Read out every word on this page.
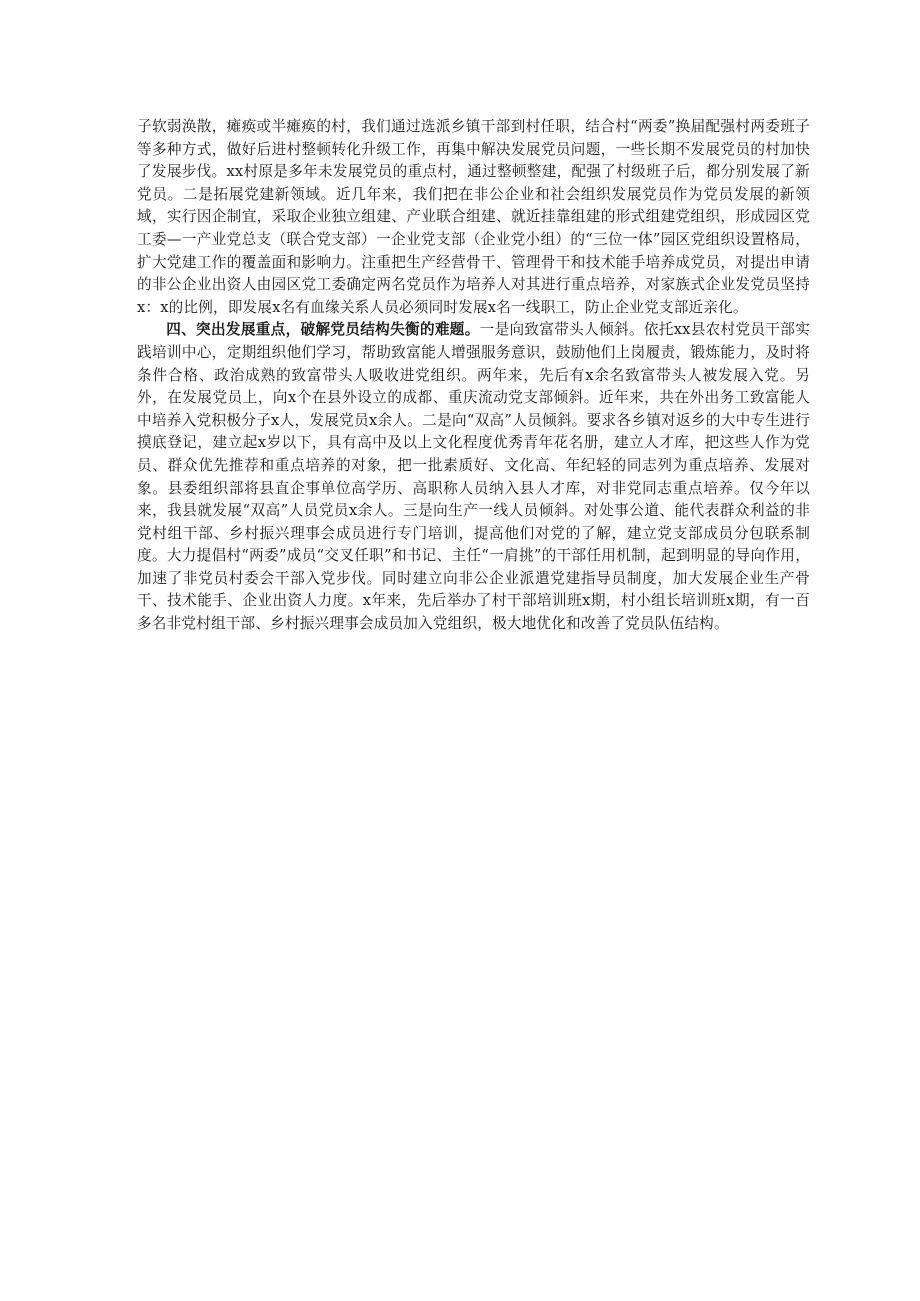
子软弱涣散，瘫痪或半瘫痪的村，我们通过选派乡镇干部到村任职，结合村“两委”换届配强村两委班子等多种方式，做好后进村整顿转化升级工作，再集中解决发展党员问题，一些长期不发展党员的村加快了发展步伐。xx村原是多年未发展党员的重点村，通过整顿整建，配强了村级班子后，都分别发展了新党员。二是拓展党建新领域。近几年来，我们把在非公企业和社会组织发展党员作为党员发展的新领域，实行因企制宜，采取企业独立组建、产业联合组建、就近挂靠组建的形式组建党组织，形成园区党工委—一产业党总支（联合党支部）一企业党支部（企业党小组）的“三位一体”园区党组织设置格局，扩大党建工作的覆盖面和影响力。注重把生产经营骨干、管理骨干和技术能手培养成党员，对提出申请的非公企业出资人由园区党工委确定两名党员作为培养人对其进行重点培养，对家族式企业发党员坚持x：x的比例，即发展x名有血缘关系人员必须同时发展x名一线职工，防止企业党支部近亲化。

四、突出发展重点，破解党员结构失衡的难题。一是向致富带头人倾斜。依托xx县农村党员干部实践培训中心，定期组织他们学习，帮助致富能人增强服务意识，鼓励他们上岗履责，锻炼能力，及时将条件合格、政治成熟的致富带头人吸收进党组织。两年来，先后有x余名致富带头人被发展入党。另外，在发展党员上，向x个在县外设立的成都、重庆流动党支部倾斜。近年来，共在外出务工致富能人中培养入党积极分子x人，发展党员x余人。二是向“双高”人员倾斜。要求各乡镇对返乡的大中专生进行摸底登记，建立起x岁以下，具有高中及以上文化程度优秀青年花名册，建立人才库，把这些人作为党员、群众优先推荐和重点培养的对象，把一批素质好、文化高、年纪轻的同志列为重点培养、发展对象。县委组织部将县直企事单位高学历、高职称人员纳入县人才库，对非党同志重点培养。仅今年以来，我县就发展“双高”人员党员x余人。三是向生产一线人员倾斜。对处事公道、能代表群众利益的非党村组干部、乡村振兴理事会成员进行专门培训，提高他们对党的了解，建立党支部成员分包联系制度。大力提倡村“两委”成员“交叉任职”和书记、主任“一肩挑”的干部任用机制，起到明显的导向作用，加速了非党员村委会干部入党步伐。同时建立向非公企业派遣党建指导员制度，加大发展企业生产骨干、技术能手、企业出资人力度。x年来，先后举办了村干部培训班x期，村小组长培训班x期，有一百多名非党村组干部、乡村振兴理事会成员加入党组织，极大地优化和改善了党员队伍结构。
